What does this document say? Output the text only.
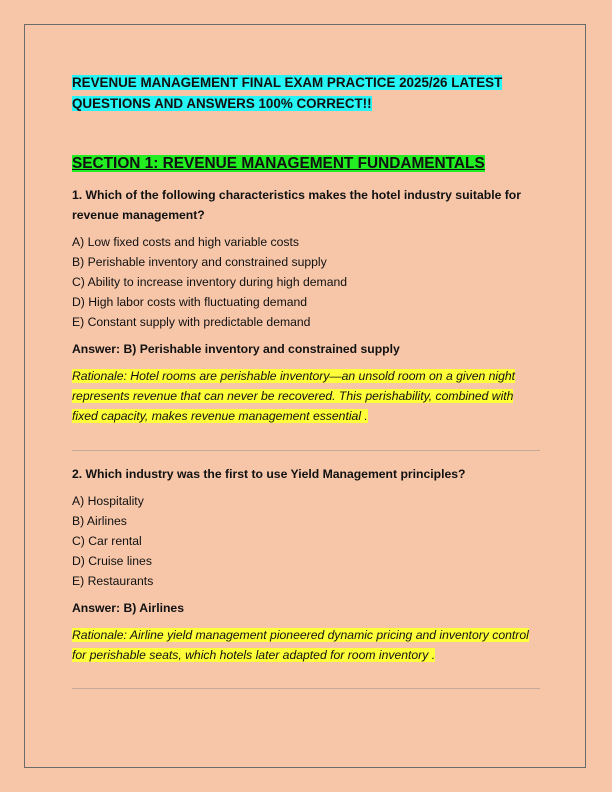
REVENUE MANAGEMENT FINAL EXAM PRACTICE 2025/26 LATEST QUESTIONS AND ANSWERS 100% CORRECT!!

SECTION 1: REVENUE MANAGEMENT FUNDAMENTALS

1. Which of the following characteristics makes the hotel industry suitable for revenue management?

A) Low fixed costs and high variable costs
B) Perishable inventory and constrained supply
C) Ability to increase inventory during high demand
D) High labor costs with fluctuating demand
E) Constant supply with predictable demand

Answer: B) Perishable inventory and constrained supply

Rationale: Hotel rooms are perishable inventory—an unsold room on a given night represents revenue that can never be recovered. This perishability, combined with fixed capacity, makes revenue management essential .

2. Which industry was the first to use Yield Management principles?

A) Hospitality
B) Airlines
C) Car rental
D) Cruise lines
E) Restaurants

Answer: B) Airlines

Rationale: Airline yield management pioneered dynamic pricing and inventory control for perishable seats, which hotels later adapted for room inventory .
